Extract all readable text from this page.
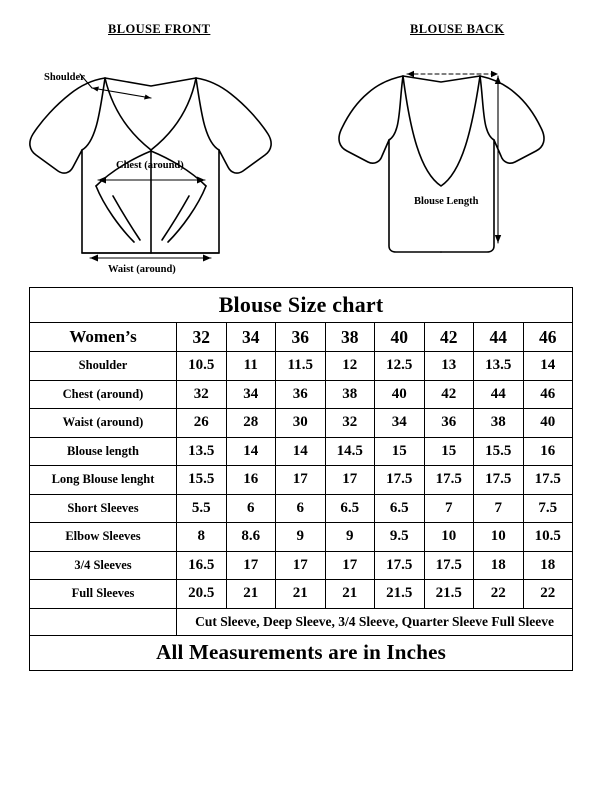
BLOUSE FRONT	BLOUSE BACK
Shoulder
Chest (around)
Waist (around)
Blouse Length
Blouse Size chart								
Women’s	32	34	36	38	40	42	44	46
Shoulder	10.5	11	11.5	12	12.5	13	13.5	14
Chest (around)	32	34	36	38	40	42	44	46
Waist (around)	26	28	30	32	34	36	38	40
Blouse length	13.5	14	14	14.5	15	15	15.5	16
Long Blouse lenght	15.5	16	17	17	17.5	17.5	17.5	17.5
Short Sleeves	5.5	6	6	6.5	6.5	7	7	7.5
Elbow Sleeves	8	8.6	9	9	9.5	10	10	10.5
3/4 Sleeves	16.5	17	17	17	17.5	17.5	18	18
Full Sleeves	20.5	21	21	21	21.5	21.5	22	22
	Cut Sleeve, Deep Sleeve, 3/4 Sleeve, Quarter Sleeve Full Sleeve							
All Measurements are in Inches								
